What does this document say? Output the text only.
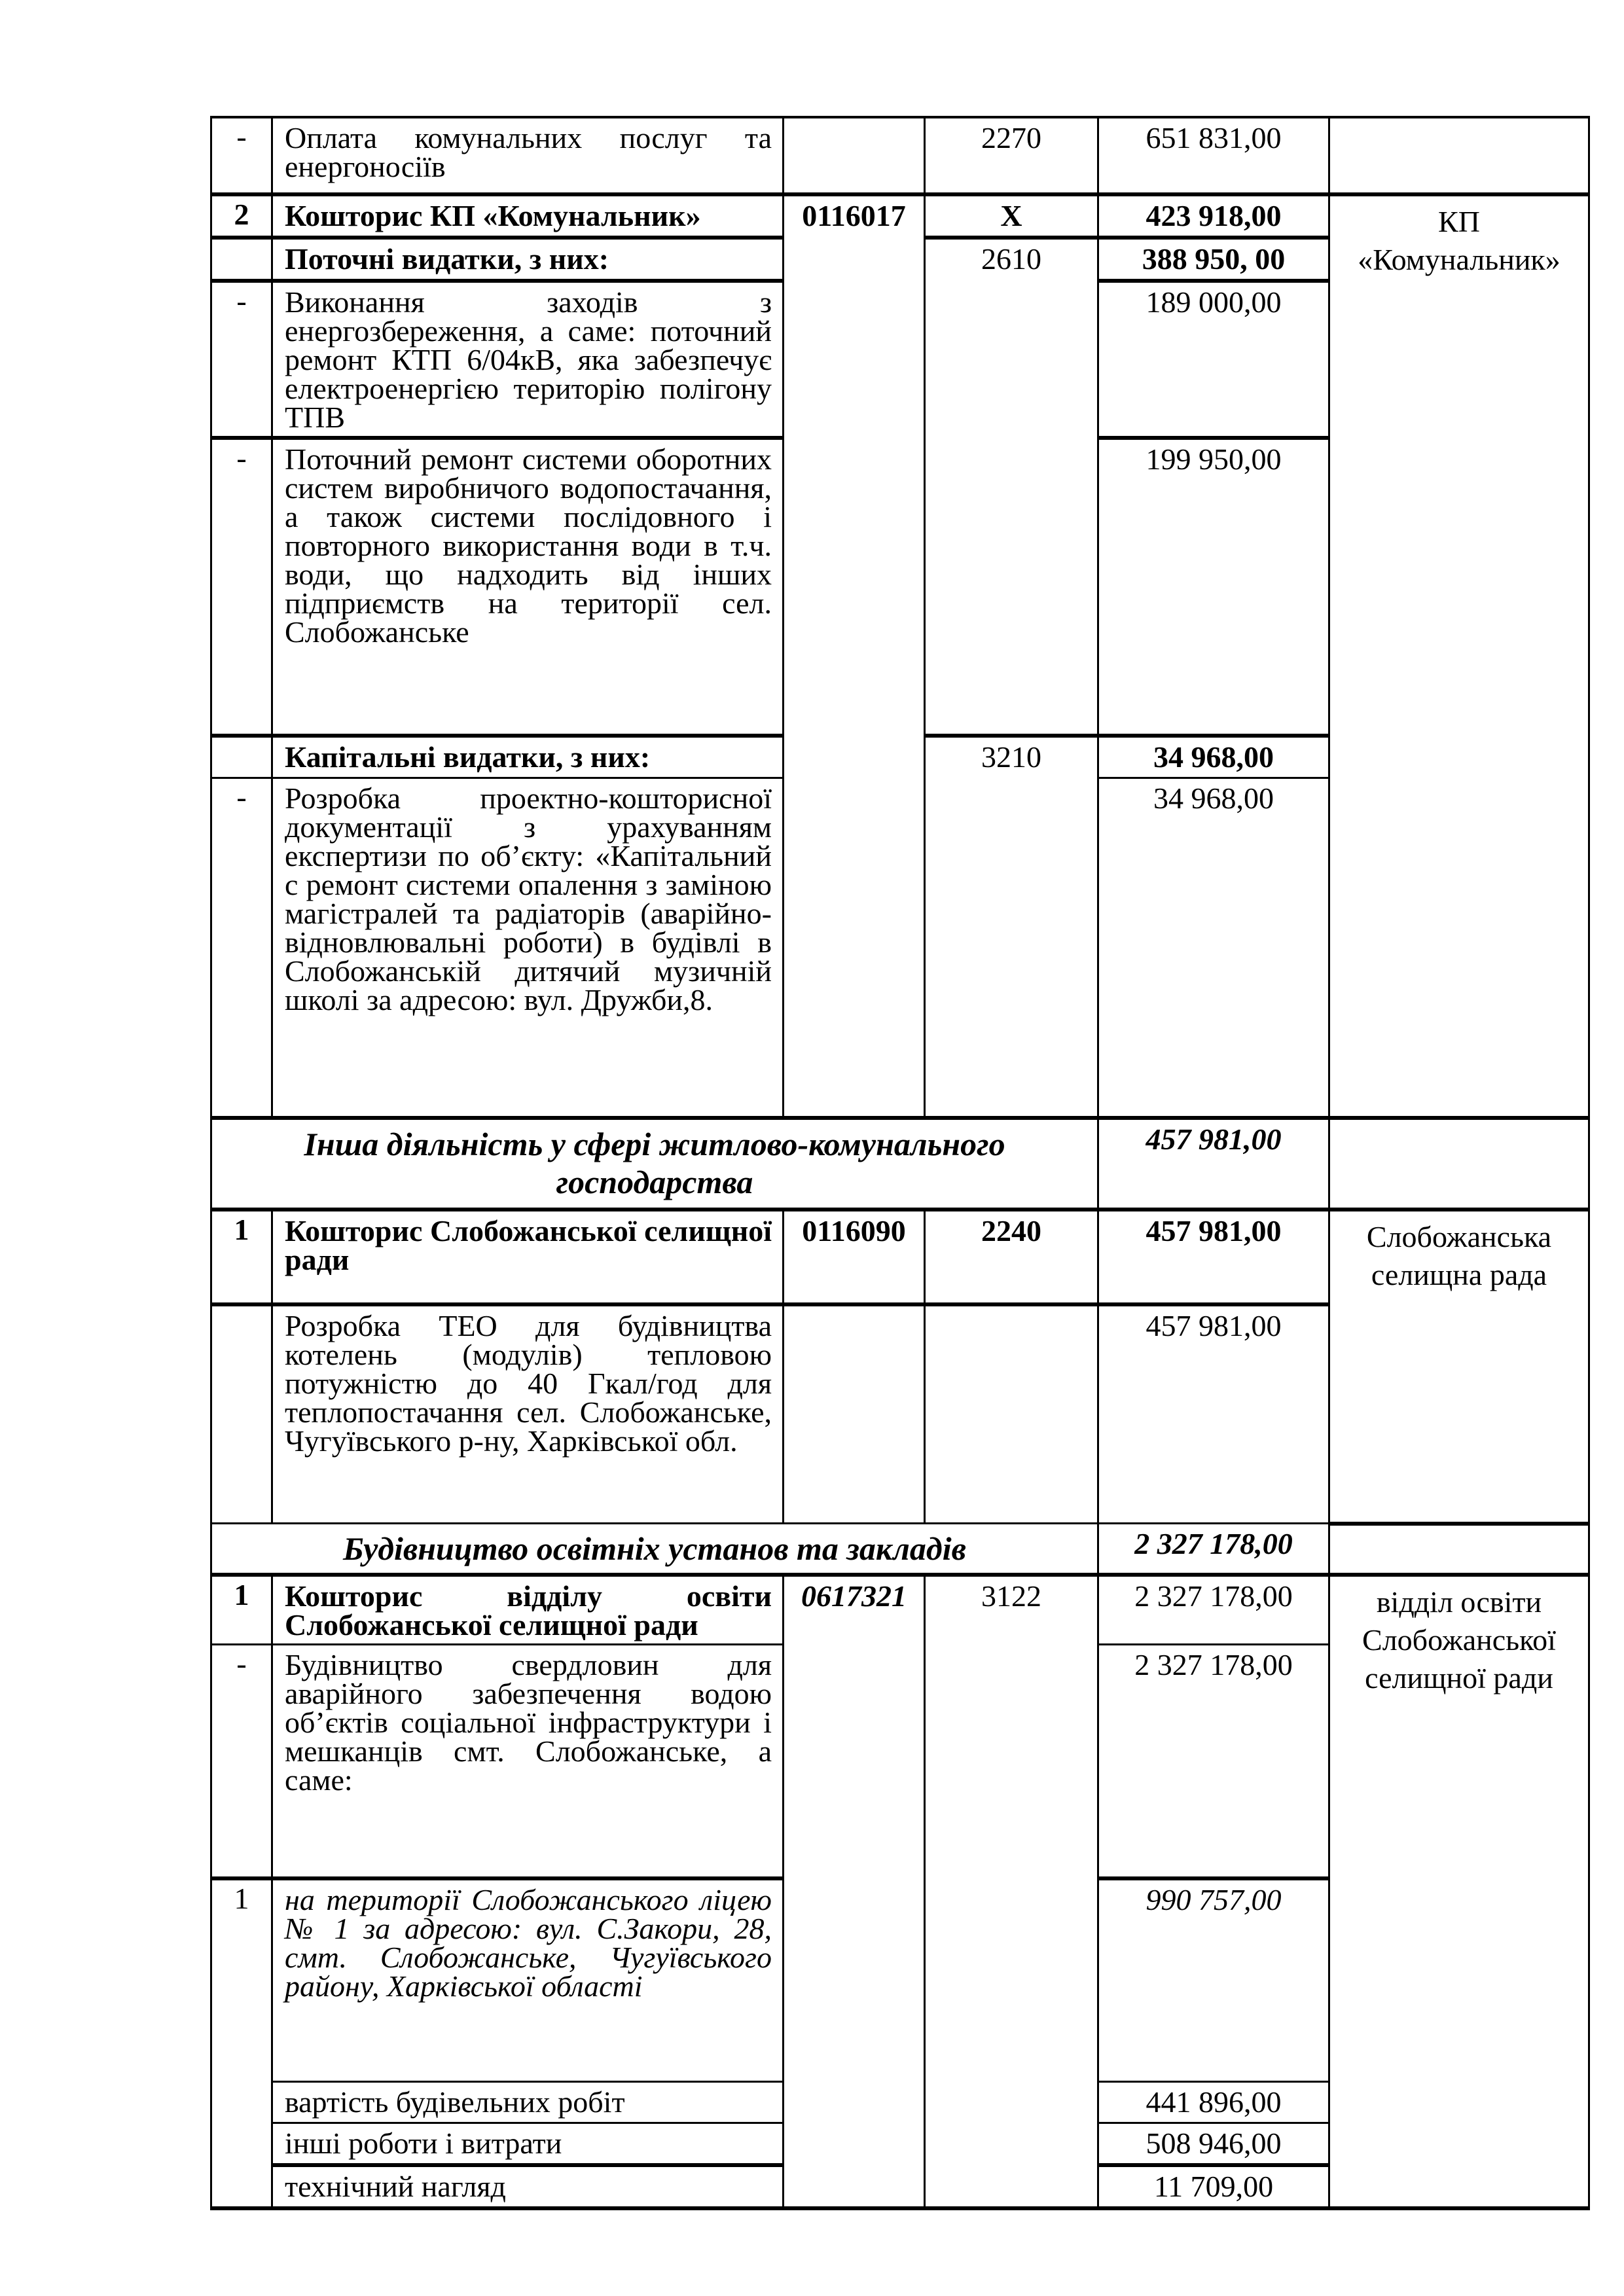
-	Оплата комунальних послуг та енергоносіїв		2270	651 831,00	
2	Кошторис КП «Комунальник»	0116017	Х	423 918,00	КП «Комунальник»
	Поточні видатки, з них:		2610	388 950, 00	
-	Виконання заходів з енергозбереження, а саме: поточний ремонт КТП 6/04кВ, яка забезпечує електроенергією територію полігону ТПВ			189 000,00	
-	Поточний ремонт системи оборотних систем виробничого водопостачання, а також системи послідовного і повторного використання води в т.ч. води, що надходить від інших підприємств на території сел. Слобожанське			199 950,00	
	Капітальні видатки, з них:		3210	34 968,00	
-	Розробка проектно-кошторисної документації з урахуванням експертизи по об’єкту: «Капітальний с ремонт системи опалення з заміною магістралей та радіаторів (аварійно-відновлювальні роботи) в будівлі в Слобожанській дитячий музичній школі за адресою: вул. Дружби,8.			34 968,00	
Інша діяльність у сфері житлово-комунального господарства				457 981,00	
1	Кошторис Слобожанської селищної ради	0116090	2240	457 981,00	Слобожанська селищна рада
	Розробка ТЕО для будівництва котелень (модулів) тепловою потужністю до 40 Гкал/год для теплопостачання сел. Слобожанське, Чугуївського р-ну, Харківської обл.			457 981,00	
Будівництво освітніх установ та закладів				2 327 178,00	
1	Кошторис відділу освіти Слобожанської селищної ради	0617321	3122	2 327 178,00	відділ освіти Слобожанської селищної ради
-	Будівництво свердловин для аварійного забезпечення водою об’єктів соціальної інфраструктури і мешканців смт. Слобожанське, а саме:			2 327 178,00	
1	на території Слобожанського ліцею № 1 за адресою: вул. С.Закори, 28, смт. Слобожанське, Чугуївського району, Харківської області			990 757,00	
	вартість будівельних робіт			441 896,00	
	інші роботи і витрати			508 946,00	
	технічний нагляд			11 709,00	
